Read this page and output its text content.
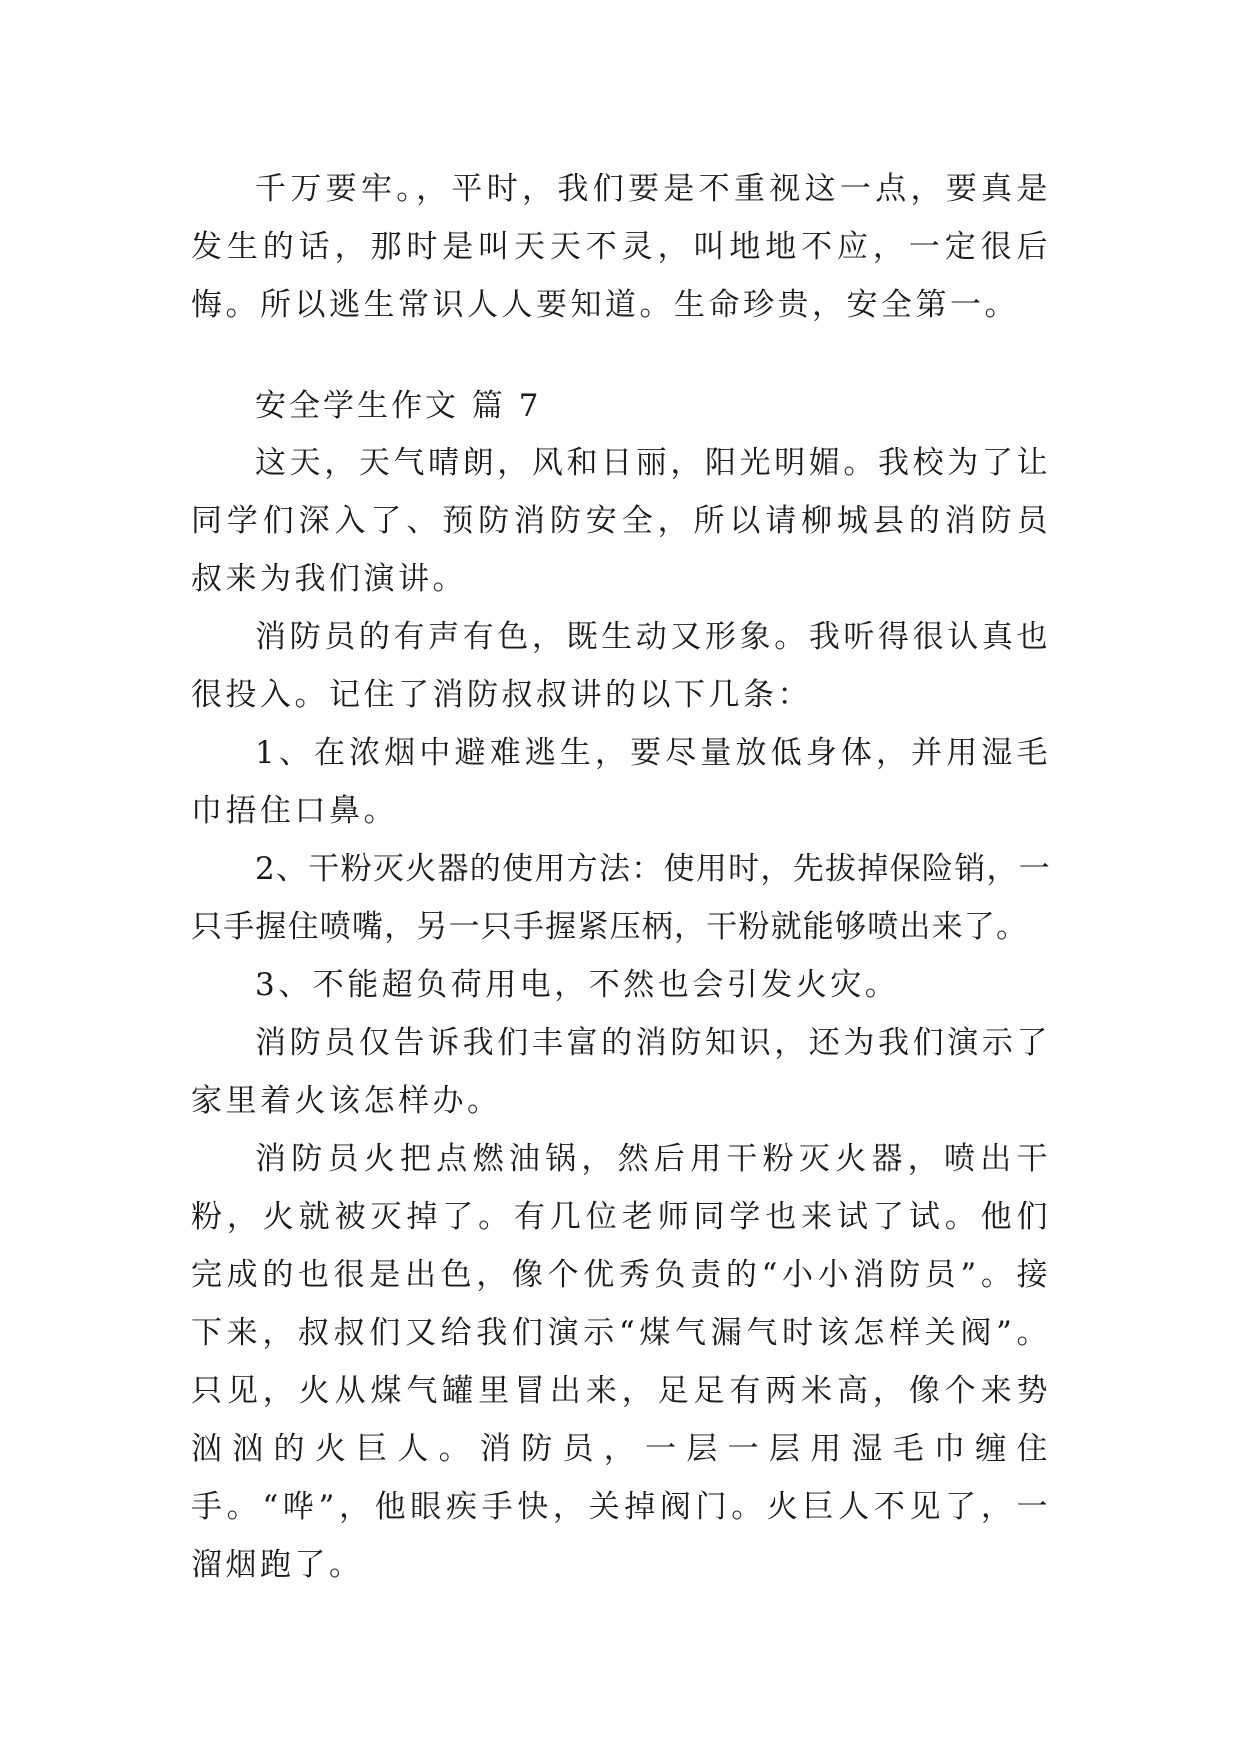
千万要牢。，平时，我们要是不重视这一点，要真是发生的话，那时是叫天天不灵，叫地地不应，一定很后悔。所以逃生常识人人要知道。生命珍贵，安全第一。

安全学生作文 篇 7

这天，天气晴朗，风和日丽，阳光明媚。我校为了让同学们深入了、预防消防安全，所以请柳城县的消防员叔来为我们演讲。

消防员的有声有色，既生动又形象。我听得很认真也很投入。记住了消防叔叔讲的以下几条：

1、在浓烟中避难逃生，要尽量放低身体，并用湿毛巾捂住口鼻。

2、干粉灭火器的使用方法：使用时，先拔掉保险销，一只手握住喷嘴，另一只手握紧压柄，干粉就能够喷出来了。

3、不能超负荷用电，不然也会引发火灾。

消防员仅告诉我们丰富的消防知识，还为我们演示了家里着火该怎样办。

消防员火把点燃油锅，然后用干粉灭火器，喷出干粉，火就被灭掉了。有几位老师同学也来试了试。他们完成的也很是出色，像个优秀负责的“小小消防员”。接下来，叔叔们又给我们演示“煤气漏气时该怎样关阀”。只见，火从煤气罐里冒出来，足足有两米高，像个来势汹汹的火巨人。消防员，一层一层用湿毛巾缠住手。“哗”，他眼疾手快，关掉阀门。火巨人不见了，一溜烟跑了。
